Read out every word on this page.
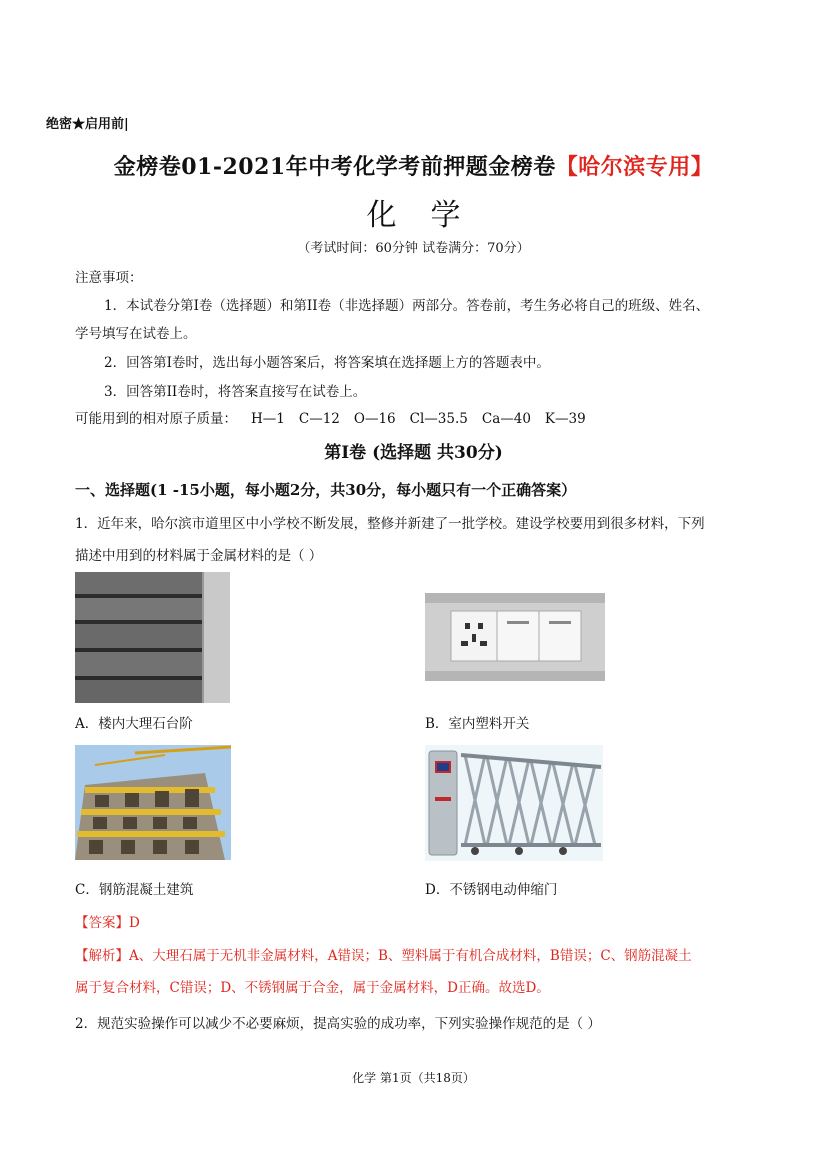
绝密★启用前|
金榜卷01-2021年中考化学考前押题金榜卷【哈尔滨专用】
化学
（考试时间：60分钟 试卷满分：70分）
注意事项：
1．本试卷分第I卷（选择题）和第II卷（非选择题）两部分。答卷前，考生务必将自己的班级、姓名、
学号填写在试卷上。
2．回答第I卷时，选出每小题答案后，将答案填在选择题上方的答题表中。
3．回答第II卷时，将答案直接写在试卷上。
可能用到的相对原子质量： H—1 C—12 O—16 Cl—35.5 Ca—40 K—39
第Ⅰ卷 (选择题 共30分)
一、选择题(1 -15小题，每小题2分，共30分，每小题只有一个正确答案）
1．近年来，哈尔滨市道里区中小学校不断发展，整修并新建了一批学校。建设学校要用到很多材料，下列
描述中用到的材料属于金属材料的是（ ）
A．楼内大理石台阶	B．室内塑料开关
C．钢筋混凝土建筑	D．不锈钢电动伸缩门
【答案】D
【解析】A、大理石属于无机非金属材料，A错误；B、塑料属于有机合成材料，B错误；C、钢筋混凝土
属于复合材料，C错误；D、不锈钢属于合金，属于金属材料，D正确。故选D。
2．规范实验操作可以减少不必要麻烦，提高实验的成功率，下列实验操作规范的是（ ）
化学 第1页（共18页）
